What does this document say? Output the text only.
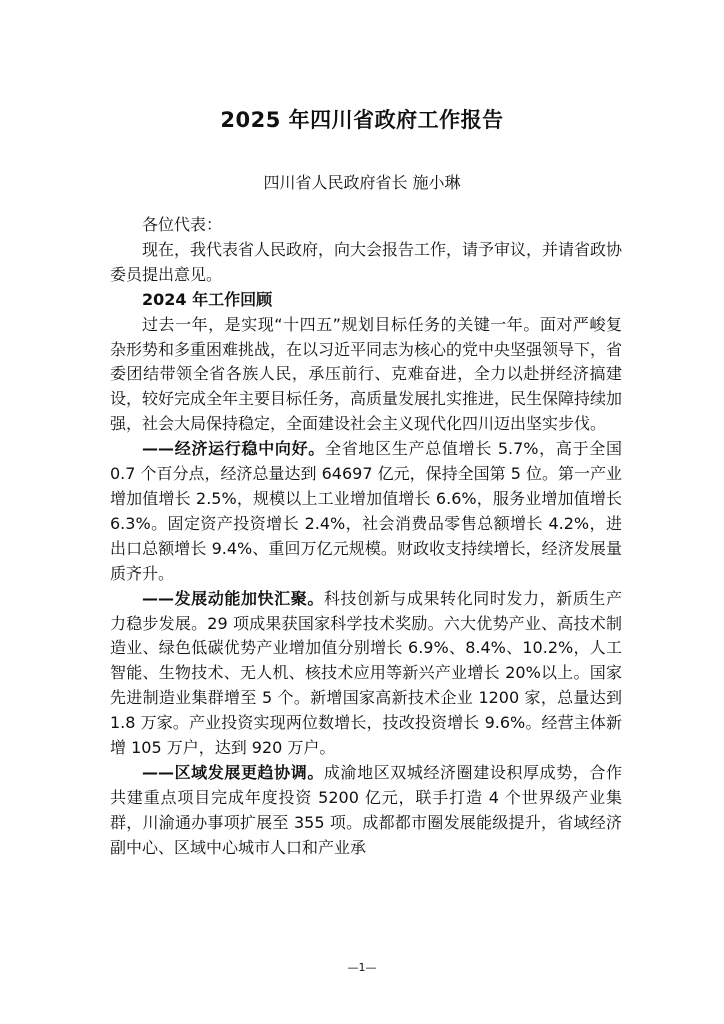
2025 年四川省政府工作报告
四川省人民政府省长 施小琳

各位代表：

现在，我代表省人民政府，向大会报告工作，请予审议，并请省政协委员提出意见。

2024 年工作回顾

过去一年，是实现“十四五”规划目标任务的关键一年。面对严峻复杂形势和多重困难挑战，在以习近平同志为核心的党中央坚强领导下，省委团结带领全省各族人民，承压前行、克难奋进，全力以赴拼经济搞建设，较好完成全年主要目标任务，高质量发展扎实推进，民生保障持续加强，社会大局保持稳定，全面建设社会主义现代化四川迈出坚实步伐。

——经济运行稳中向好。全省地区生产总值增长 5.7%，高于全国 0.7 个百分点，经济总量达到 64697 亿元，保持全国第 5 位。第一产业增加值增长 2.5%，规模以上工业增加值增长 6.6%，服务业增加值增长 6.3%。固定资产投资增长 2.4%，社会消费品零售总额增长 4.2%，进出口总额增长 9.4%、重回万亿元规模。财政收支持续增长，经济发展量质齐升。

——发展动能加快汇聚。科技创新与成果转化同时发力，新质生产力稳步发展。29 项成果获国家科学技术奖励。六大优势产业、高技术制造业、绿色低碳优势产业增加值分别增长 6.9%、8.4%、10.2%，人工智能、生物技术、无人机、核技术应用等新兴产业增长 20%以上。国家先进制造业集群增至 5 个。新增国家高新技术企业 1200 家，总量达到 1.8 万家。产业投资实现两位数增长，技改投资增长 9.6%。经营主体新增 105 万户，达到 920 万户。

——区域发展更趋协调。成渝地区双城经济圈建设积厚成势，合作共建重点项目完成年度投资 5200 亿元，联手打造 4 个世界级产业集群，川渝通办事项扩展至 355 项。成都都市圈发展能级提升，省域经济副中心、区域中心城市人口和产业承

—1—
